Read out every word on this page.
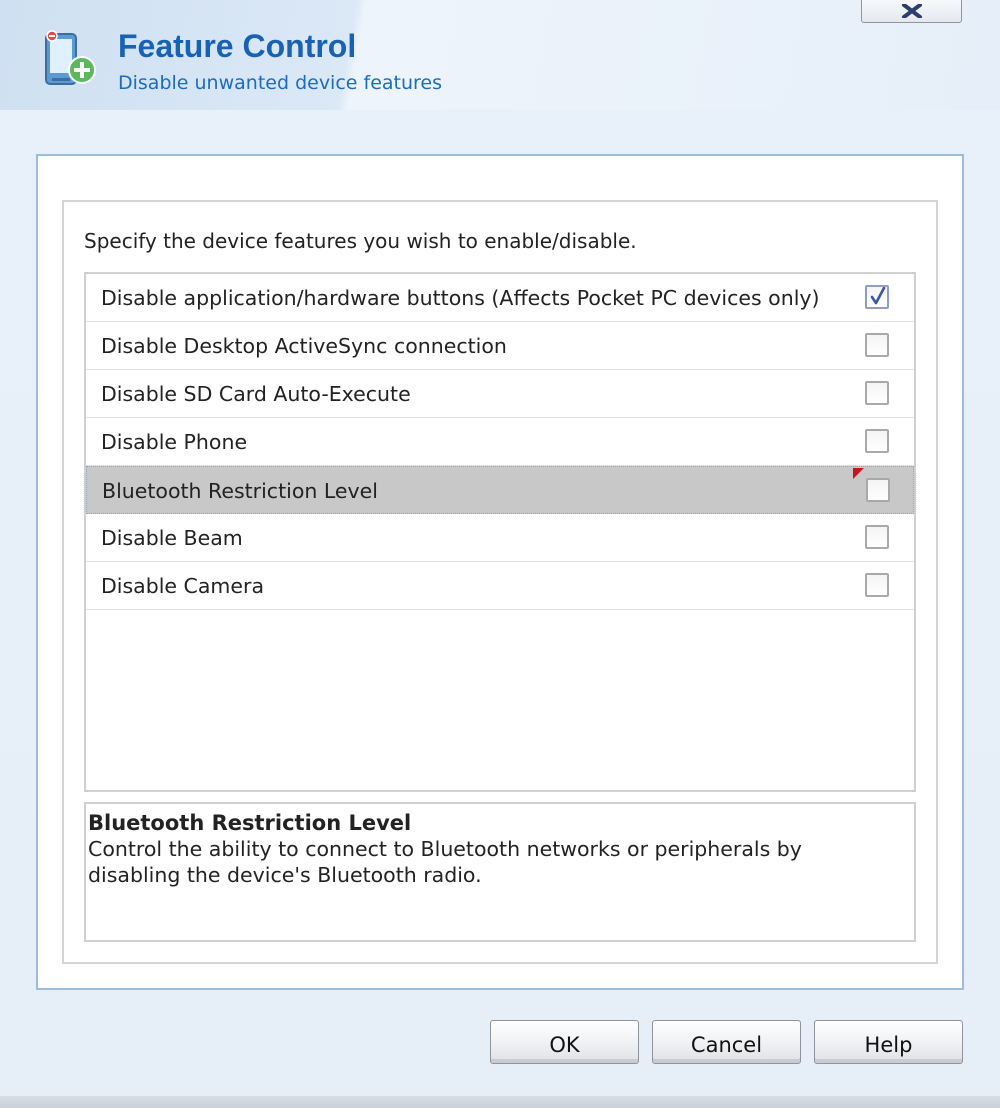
Feature Control
Disable unwanted device features
Specify the device features you wish to enable/disable.
Disable application/hardware buttons (Affects Pocket PC devices only)
Disable Desktop ActiveSync connection
Disable SD Card Auto-Execute
Disable Phone
Bluetooth Restriction Level
Disable Beam
Disable Camera
Bluetooth Restriction Level
Control the ability to connect to Bluetooth networks or peripherals by disabling the device's Bluetooth radio.
OK	Cancel	Help
